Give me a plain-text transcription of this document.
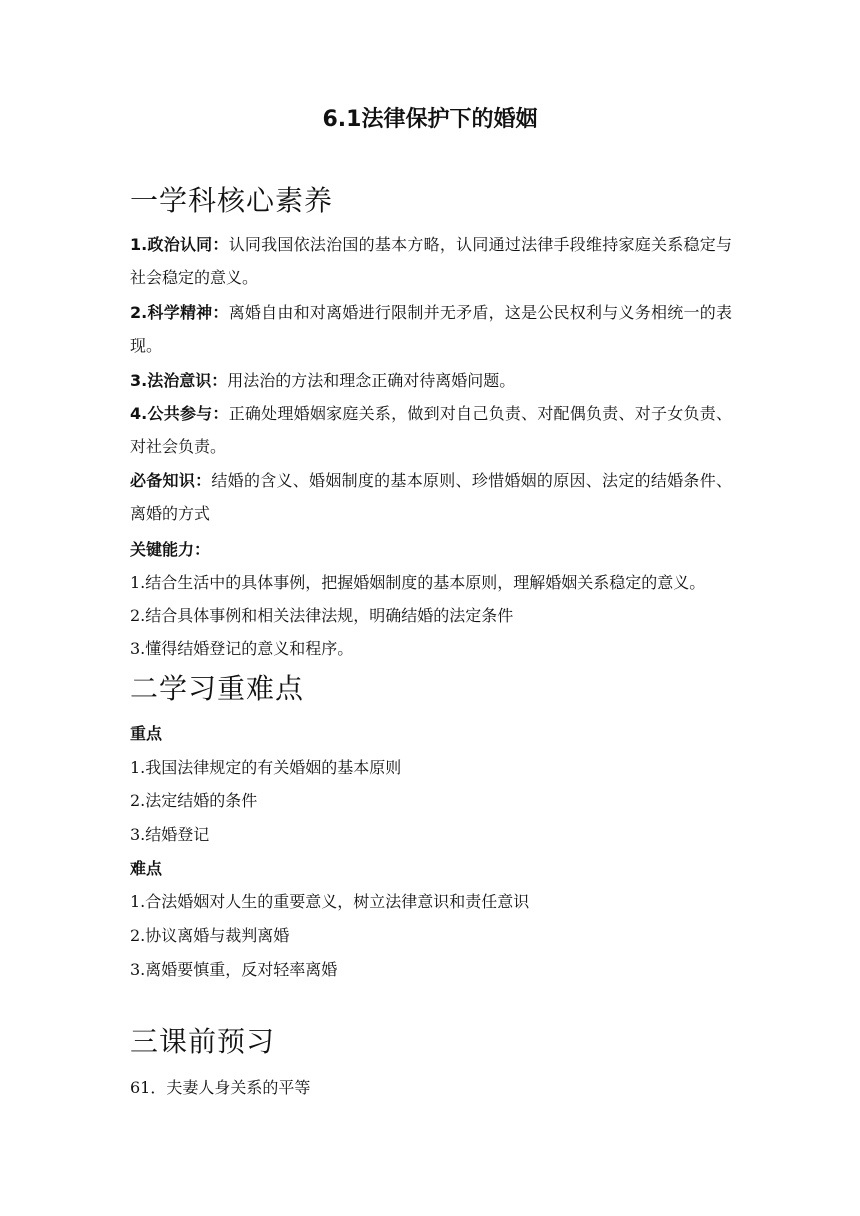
6.1法律保护下的婚姻
一学科核心素养
1.政治认同：认同我国依法治国的基本方略，认同通过法律手段维持家庭关系稳定与社会稳定的意义。
2.科学精神：离婚自由和对离婚进行限制并无矛盾，这是公民权利与义务相统一的表现。
3.法治意识：用法治的方法和理念正确对待离婚问题。
4.公共参与：正确处理婚姻家庭关系，做到对自己负责、对配偶负责、对子女负责、对社会负责。
必备知识：结婚的含义、婚姻制度的基本原则、珍惜婚姻的原因、法定的结婚条件、离婚的方式
关键能力：
1.结合生活中的具体事例，把握婚姻制度的基本原则，理解婚姻关系稳定的意义。
2.结合具体事例和相关法律法规，明确结婚的法定条件
3.懂得结婚登记的意义和程序。
二学习重难点
重点
1.我国法律规定的有关婚姻的基本原则
2.法定结婚的条件
3.结婚登记
难点
1.合法婚姻对人生的重要意义，树立法律意识和责任意识
2.协议离婚与裁判离婚
3.离婚要慎重，反对轻率离婚
三课前预习
61．夫妻人身关系的平等
